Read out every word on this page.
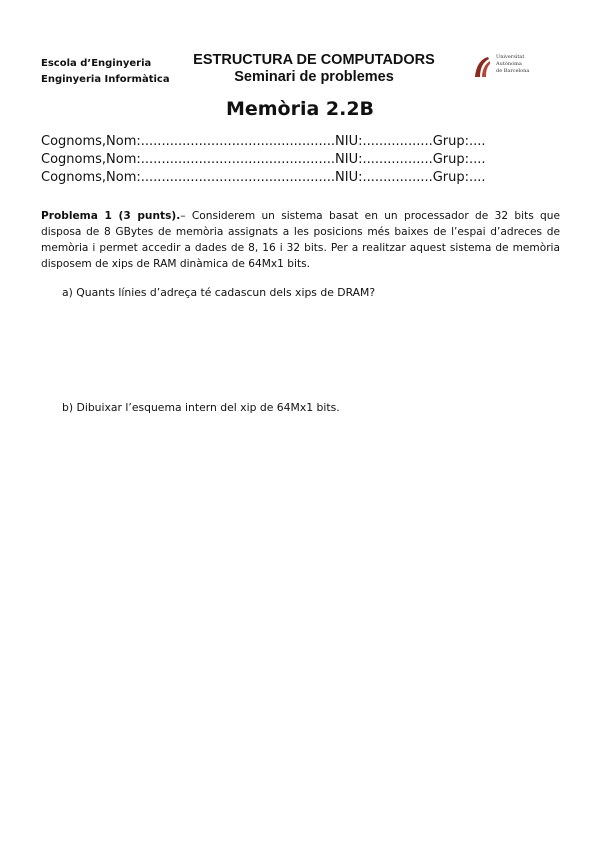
Escola d’Enginyeria
Enginyeria Informàtica
ESTRUCTURA DE COMPUTADORS
Seminari de problemes
Universitat
Autònoma
de Barcelona
Memòria 2.2B
Cognoms,Nom:...............................................NIU:.................Grup:....
Cognoms,Nom:...............................................NIU:.................Grup:....
Cognoms,Nom:...............................................NIU:.................Grup:....
Problema 1 (3 punts).– Considerem un sistema basat en un processador de 32 bits que disposa de 8 GBytes de memòria assignats a les posicions més baixes de l’espai d’adreces de memòria i permet accedir a dades de 8, 16 i 32 bits. Per a realitzar aquest sistema de memòria disposem de xips de RAM dinàmica de 64Mx1 bits.
a) Quants línies d’adreça té cadascun dels xips de DRAM?
b) Dibuixar l’esquema intern del xip de 64Mx1 bits.
